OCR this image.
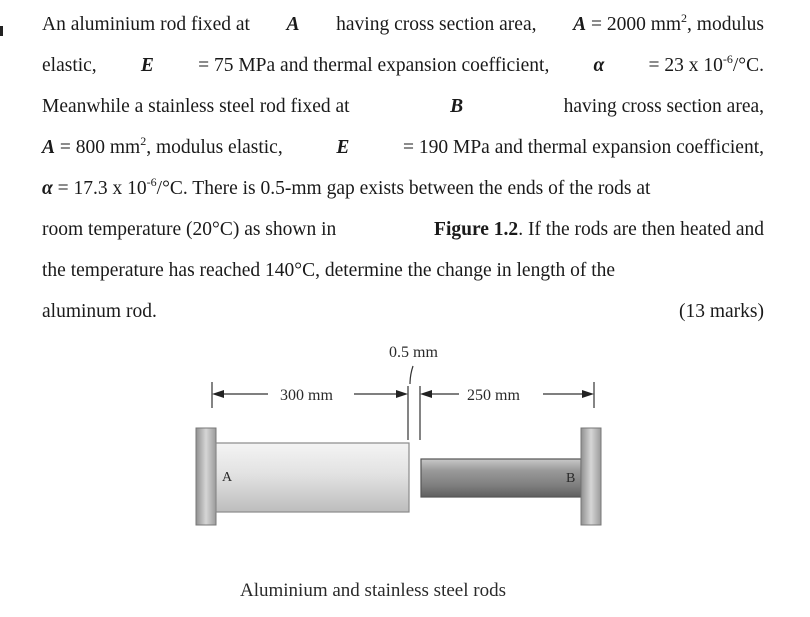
An aluminium rod fixed at A having cross section area, A = 2000 $mm^2$, modulus
elastic, E = 75 MPa and thermal expansion coefficient, α = 23 x $10^{-6}/^\circ C$.
Meanwhile a stainless steel rod fixed at	B	having cross section area,
A = 800 $mm^2$, modulus elastic,	E	= 190 MPa and thermal expansion coefficient,
α = 17.3 x $10^{-6}/^\circ C$. There is 0.5-mm gap exists between the ends of the rods at
room temperature (20°C) as shown in	Figure 1.2. If the rods are then heated and
the temperature has reached 140°C, determine the change in length of the
aluminum rod.	(13 marks)
0.5 mm
300 mm	250 mm
A	B
Aluminium and stainless steel rods
